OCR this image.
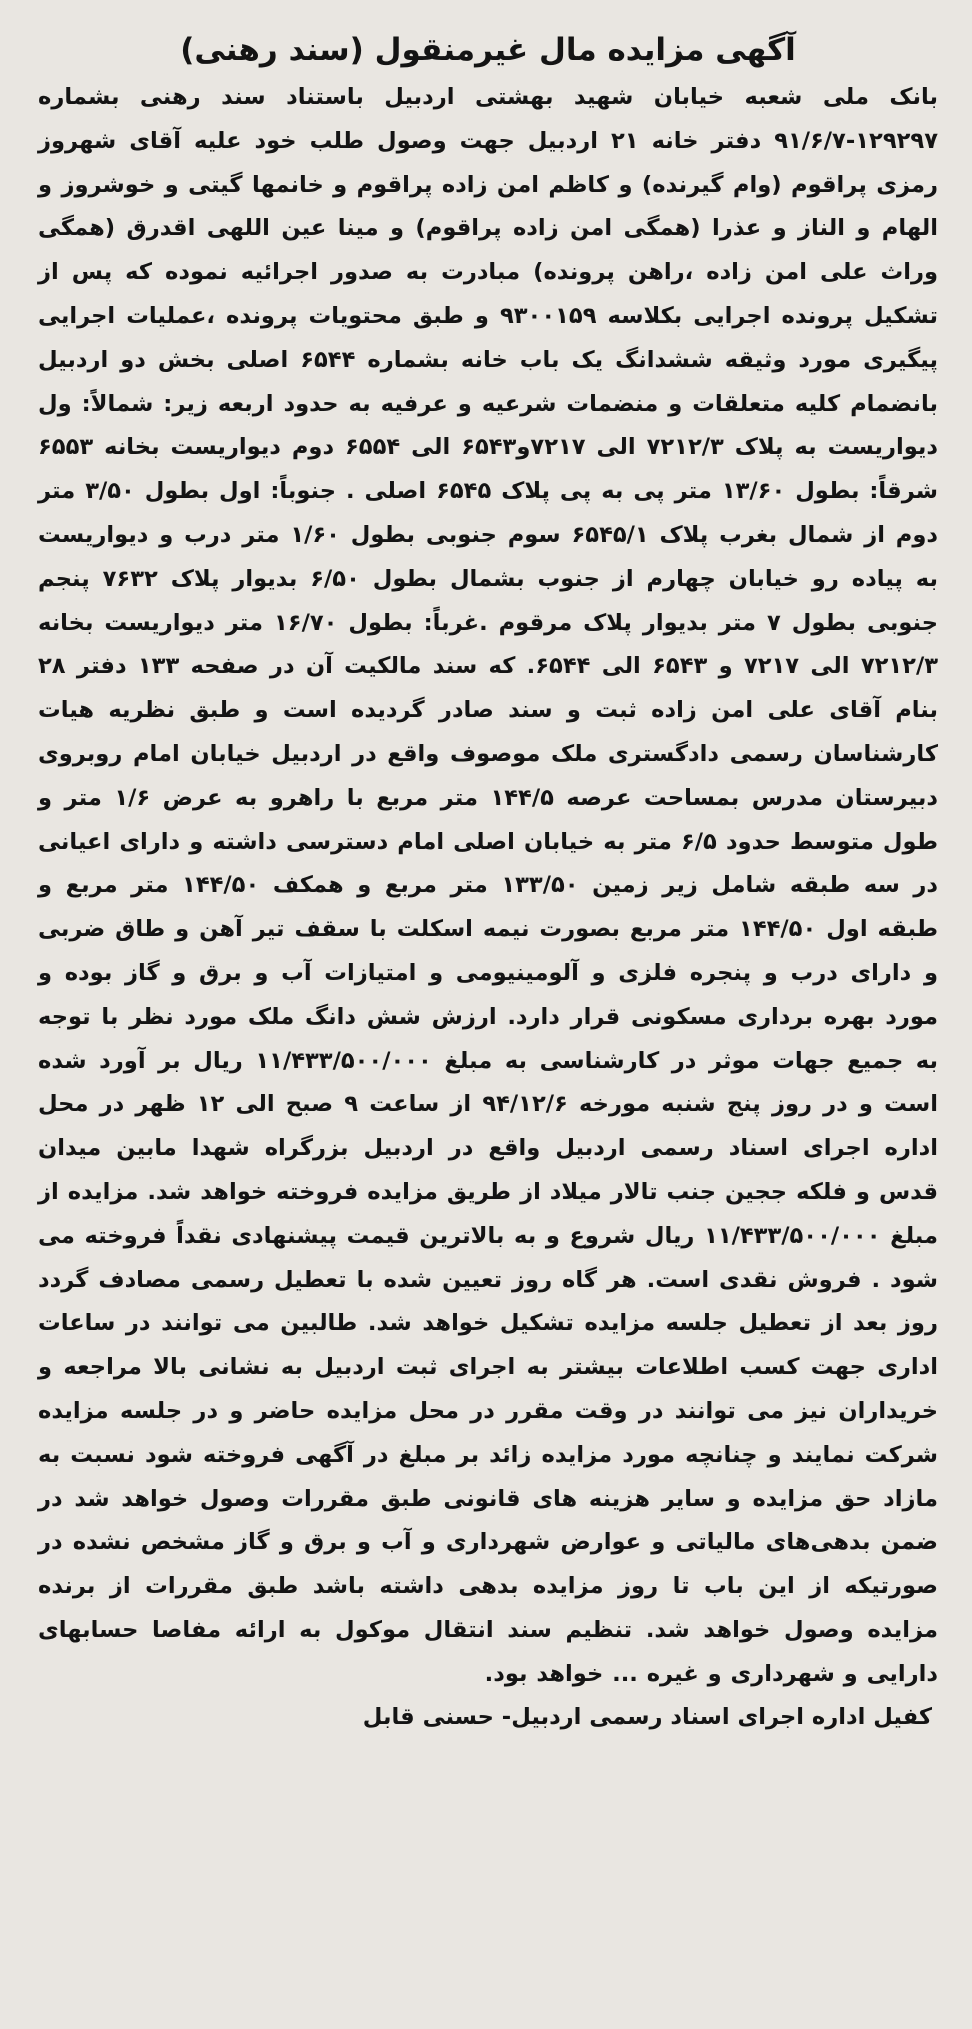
آگهی مزایده مال غیرمنقول (سند رهنی)

بانک ملی شعبه خیابان شهید بهشتی اردبیل باستناد سند رهنی بشماره ۱۲۹۲۹۷-۹۱/۶/۷ دفتر خانه ۲۱ اردبیل جهت وصول طلب خود علیه آقای شهروز رمزی پراقوم (وام گیرنده) و کاظم امن زاده پراقوم و خانمها گیتی و خوشروز و الهام و الناز و عذرا (همگی امن زاده پراقوم) و مینا عین اللهی اقدرق (همگی وراث علی امن زاده ،راهن پرونده) مبادرت به صدور اجرائیه نموده که پس از تشکیل پرونده اجرایی بکلاسه ۹۳۰۰۱۵۹ و طبق محتویات پرونده ،عملیات اجرایی پیگیری مورد وثیقه ششدانگ یک باب خانه بشماره ۶۵۴۴ اصلی بخش دو اردبیل بانضمام کلیه متعلقات و منضمات شرعیه و عرفیه به حدود اربعه زیر: شمالاً: ول دیواریست به پلاک ۷۲۱۲/۳ الی ۷۲۱۷و۶۵۴۳ الی ۶۵۵۴ دوم دیواریست بخانه ۶۵۵۳ شرقاً: بطول ۱۳/۶۰ متر پی به پی پلاک ۶۵۴۵ اصلی . جنوباً: اول بطول ۳/۵۰ متر دوم از شمال بغرب پلاک ۶۵۴۵/۱ سوم جنوبی بطول ۱/۶۰ متر درب و دیواریست به پیاده رو خیابان چهارم از جنوب بشمال بطول ۶/۵۰ بدیوار پلاک ۷۶۳۲ پنجم جنوبی بطول ۷ متر بدیوار پلاک مرقوم .غرباً: بطول ۱۶/۷۰ متر دیواریست بخانه ۷۲۱۲/۳ الی ۷۲۱۷ و ۶۵۴۳ الی ۶۵۴۴. که سند مالکیت آن در صفحه ۱۳۳ دفتر ۲۸ بنام آقای علی امن زاده ثبت و سند صادر گردیده است و طبق نظریه هیات کارشناسان رسمی دادگستری ملک موصوف واقع در اردبیل خیابان امام روبروی دبیرستان مدرس بمساحت عرصه ۱۴۴/۵ متر مربع با راهرو به عرض ۱/۶ متر و طول متوسط حدود ۶/۵ متر به خیابان اصلی امام دسترسی داشته و دارای اعیانی در سه طبقه شامل زیر زمین ۱۳۳/۵۰ متر مربع و همکف ۱۴۴/۵۰ متر مربع و طبقه اول ۱۴۴/۵۰ متر مربع بصورت نیمه اسکلت با سقف تیر آهن و طاق ضربی و دارای درب و پنجره فلزی و آلومینیومی و امتیازات آب و برق و گاز بوده و مورد بهره برداری مسکونی قرار دارد. ارزش شش دانگ ملک مورد نظر با توجه به جمیع جهات موثر در کارشناسی به مبلغ ۱۱/۴۳۳/۵۰۰/۰۰۰ ریال بر آورد شده است و در روز پنج شنبه مورخه ۹۴/۱۲/۶ از ساعت ۹ صبح الی ۱۲ ظهر در محل اداره اجرای اسناد رسمی اردبیل واقع در اردبیل بزرگراه شهدا مابین میدان قدس و فلکه ججین جنب تالار میلاد از طریق مزایده فروخته خواهد شد. مزایده از مبلغ ۱۱/۴۳۳/۵۰۰/۰۰۰ ریال شروع و به بالاترین قیمت پیشنهادی نقداً فروخته می شود . فروش نقدی است. هر گاه روز تعیین شده با تعطیل رسمی مصادف گردد روز بعد از تعطیل جلسه مزایده تشکیل خواهد شد. طالبین می توانند در ساعات اداری جهت کسب اطلاعات بیشتر به اجرای ثبت اردبیل به نشانی بالا مراجعه و خریداران نیز می توانند در وقت مقرر در محل مزایده حاضر و در جلسه مزایده شرکت نمایند و چنانچه مورد مزایده زائد بر مبلغ در آگهی فروخته شود نسبت به مازاد حق مزایده و سایر هزینه های قانونی طبق مقررات وصول خواهد شد در ضمن بدهی‌های مالیاتی و عوارض شهرداری و آب و برق و گاز مشخص نشده در صورتیکه از این باب تا روز مزایده بدهی داشته باشد طبق مقررات از برنده مزایده وصول خواهد شد. تنظیم سند انتقال موکول به ارائه مفاصا حسابهای دارایی و شهرداری و غیره ... خواهد بود.

کفیل اداره اجرای اسناد رسمی اردبیل- حسنی قابل
